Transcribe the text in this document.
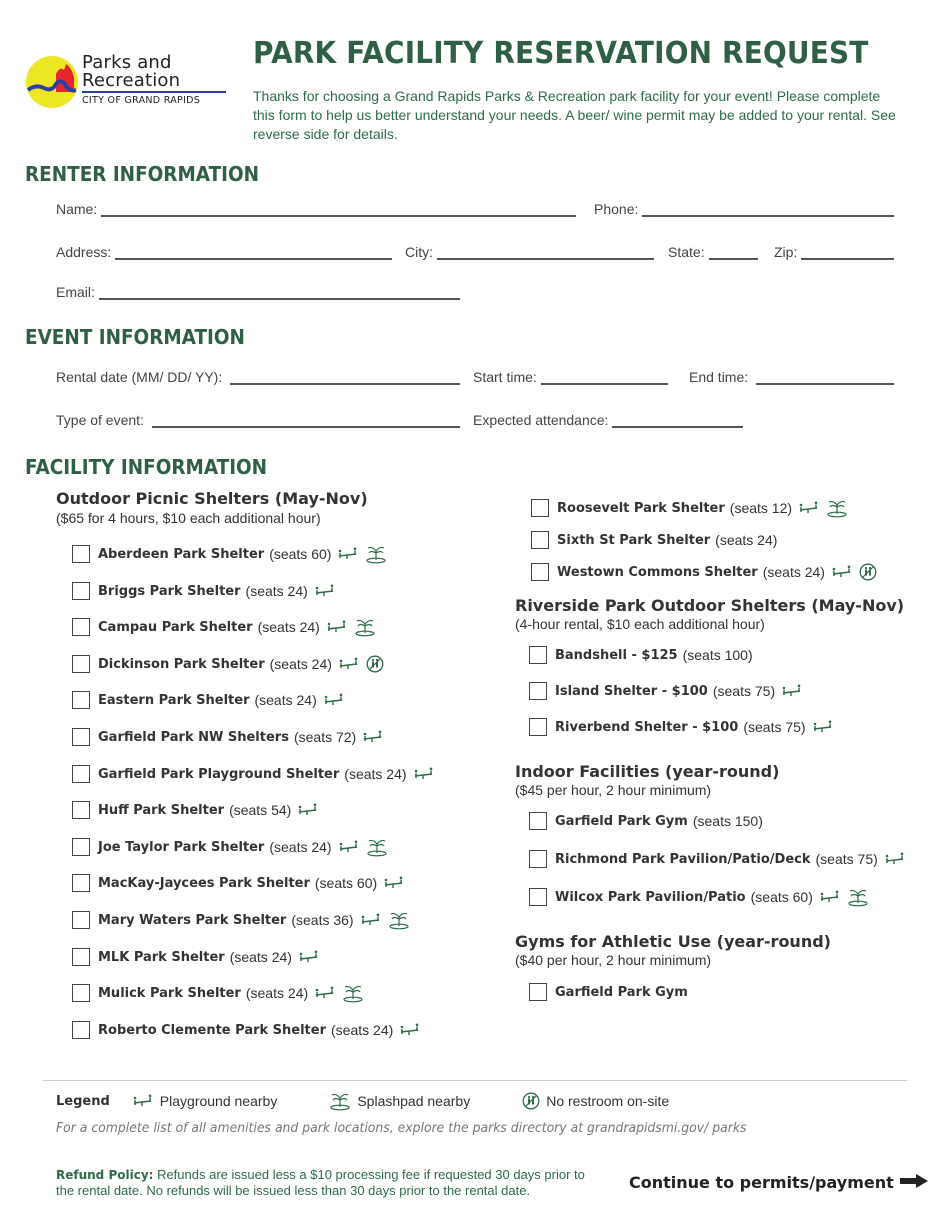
Parks and
Recreation
CITY OF GRAND RAPIDS
PARK FACILITY RESERVATION REQUEST
Thanks for choosing a Grand Rapids Parks & Recreation park facility for your event! Please complete this form to help us better understand your needs. A beer/ wine permit may be added to your rental. See reverse side for details.
RENTER INFORMATION
Name:	Phone:
Address:	City:	State:	Zip:
Email:
EVENT INFORMATION
Rental date (MM/ DD/ YY):	Start time:	End time:
Type of event:	Expected attendance:
FACILITY INFORMATION
Outdoor Picnic Shelters (May-Nov)
($65 for 4 hours, $10 each additional hour)
Aberdeen Park Shelter (seats 60)
Briggs Park Shelter (seats 24)
Campau Park Shelter (seats 24)
Dickinson Park Shelter (seats 24)
Eastern Park Shelter (seats 24)
Garfield Park NW Shelters (seats 72)
Garfield Park Playground Shelter (seats 24)
Huff Park Shelter (seats 54)
Joe Taylor Park Shelter (seats 24)
MacKay-Jaycees Park Shelter (seats 60)
Mary Waters Park Shelter (seats 36)
MLK Park Shelter (seats 24)
Mulick Park Shelter (seats 24)
Roberto Clemente Park Shelter (seats 24)
Roosevelt Park Shelter (seats 12)
Sixth St Park Shelter (seats 24)
Westown Commons Shelter (seats 24)
Riverside Park Outdoor Shelters (May-Nov)
(4-hour rental, $10 each additional hour)
Bandshell - $125 (seats 100)
Island Shelter - $100 (seats 75)
Riverbend Shelter - $100 (seats 75)
Indoor Facilities (year-round)
($45 per hour, 2 hour minimum)
Garfield Park Gym (seats 150)
Richmond Park Pavilion/Patio/Deck (seats 75)
Wilcox Park Pavilion/Patio (seats 60)
Gyms for Athletic Use (year-round)
($40 per hour, 2 hour minimum)
Garfield Park Gym
Legend	Playground nearby	Splashpad nearby	No restroom on-site
For a complete list of all amenities and park locations, explore the parks directory at grandrapidsmi.gov/ parks
Refund Policy: Refunds are issued less a $10 processing fee if requested 30 days prior to the rental date. No refunds will be issued less than 30 days prior to the rental date.	Continue to permits/payment
